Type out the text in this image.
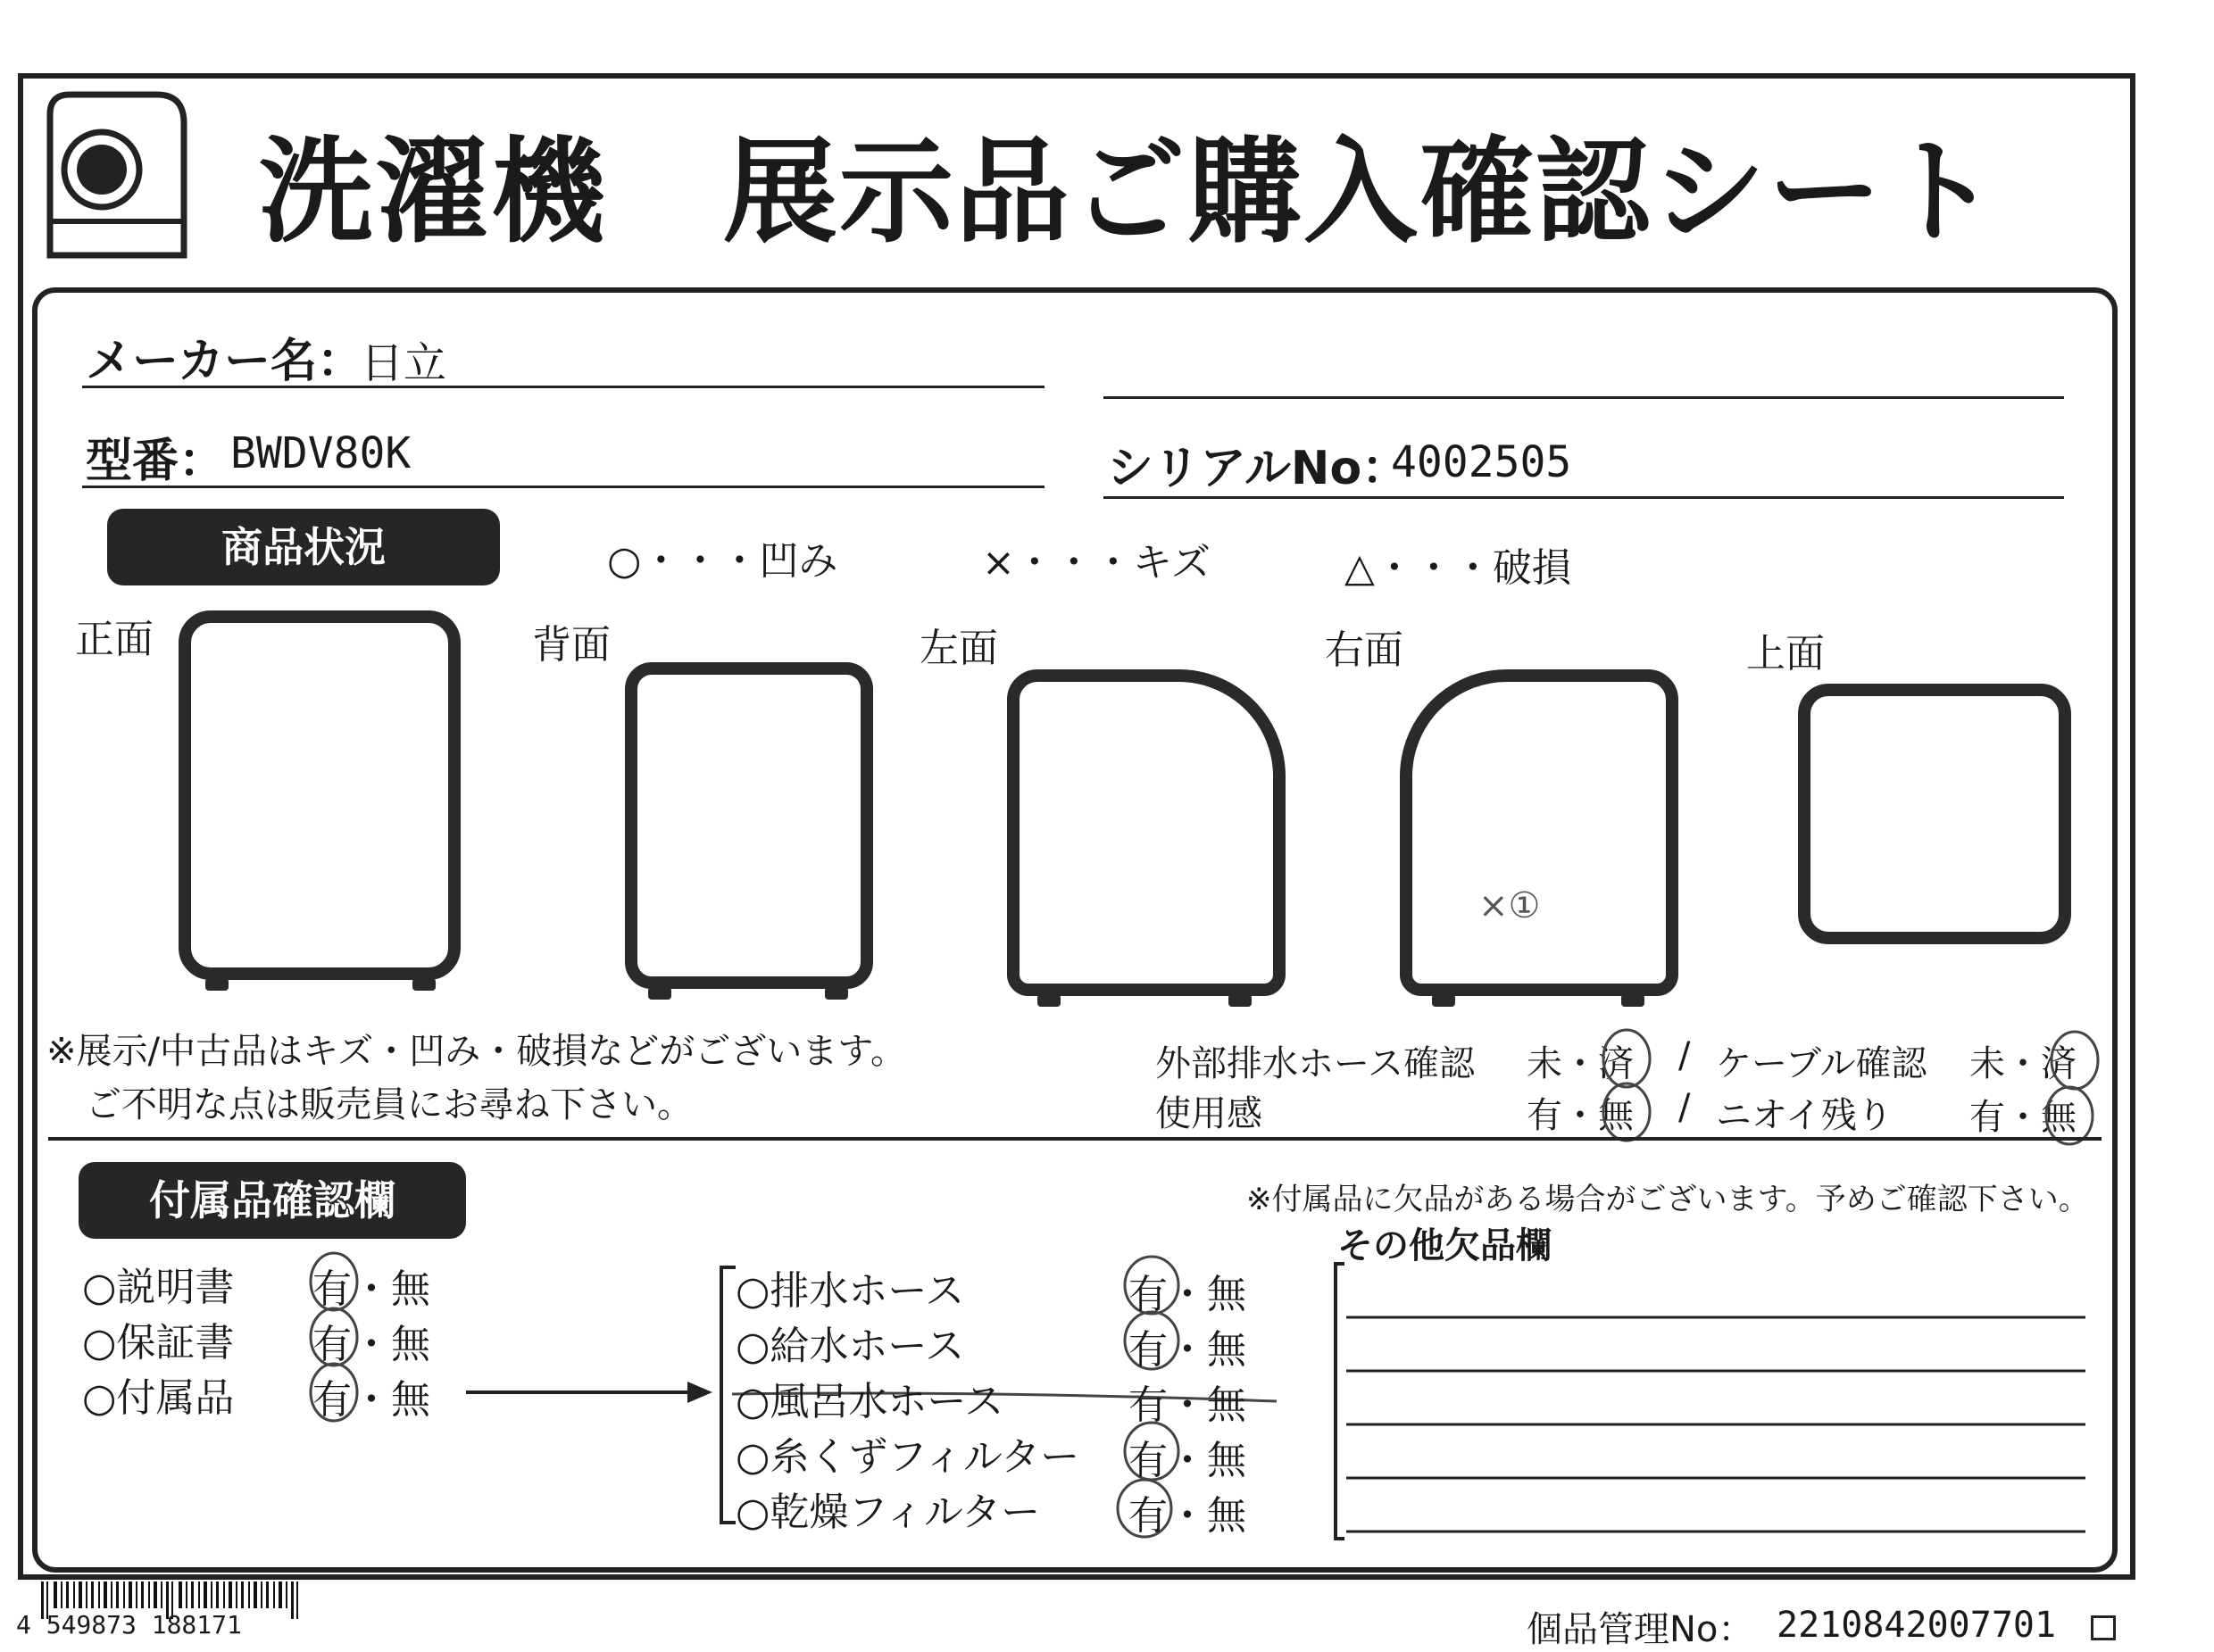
洗濯機　展示品ご購入確認シート
メーカー名：
日立
型番： BWDV80K	シリアルNo：
4002505
商品状況	○・・・凹み	×・・・キズ	△・・・破損
正面	背面	左面	右面	上面
×①
※展示/中古品はキズ・凹み・破損などがございます。
ご不明な点は販売員にお尋ね下さい。
外部排水ホース確認 未・済 / ケーブル確認 未・済
使用感	有・無 / ニオイ残り 有・無
付属品確認欄	※付属品に欠品がある場合がございます。予めご確認下さい。
その他欠品欄
○説明書 有・無
○保証書 有・無
○付属品 有・無
○排水ホース	有・無
○給水ホース	有・無
○風呂水ホース	有・無
○糸くずフィルター 有・無
○乾燥フィルター 有・無
4 549873 188171	個品管理No： 2210842007701
